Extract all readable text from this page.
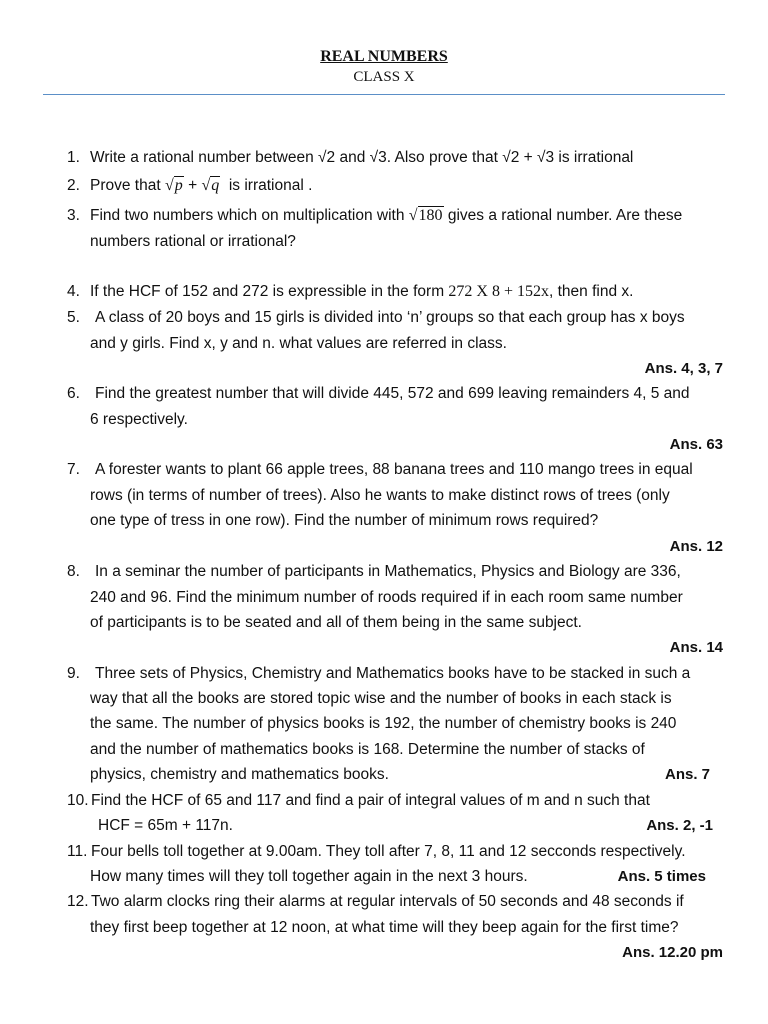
REAL NUMBERS
CLASS X
1. Write a rational number between √2 and √3. Also prove that √2 + √3 is irrational
2. Prove that √p + √q is irrational .
3. Find two numbers which on multiplication with √180 gives a rational number. Are these
numbers rational or irrational?
4. If the HCF of 152 and 272 is expressible in the form 272 X 8 + 152x, then find x.
5. A class of 20 boys and 15 girls is divided into ‘n’ groups so that each group has x boys
and y girls. Find x, y and n. what values are referred in class.
Ans. 4, 3, 7
6. Find the greatest number that will divide 445, 572 and 699 leaving remainders 4, 5 and
6 respectively.
Ans. 63
7. A forester wants to plant 66 apple trees, 88 banana trees and 110 mango trees in equal
rows (in terms of number of trees). Also he wants to make distinct rows of trees (only
one type of tress in one row). Find the number of minimum rows required?
Ans. 12
8. In a seminar the number of participants in Mathematics, Physics and Biology are 336,
240 and 96. Find the minimum number of roods required if in each room same number
of participants is to be seated and all of them being in the same subject.
Ans. 14
9. Three sets of Physics, Chemistry and Mathematics books have to be stacked in such a
way that all the books are stored topic wise and the number of books in each stack is
the same. The number of physics books is 192, the number of chemistry books is 240
and the number of mathematics books is 168. Determine the number of stacks of
physics, chemistry and mathematics books.	Ans. 7
10. Find the HCF of 65 and 117 and find a pair of integral values of m and n such that
HCF = 65m + 117n.	Ans. 2, -1
11. Four bells toll together at 9.00am. They toll after 7, 8, 11 and 12 secconds respectively.
How many times will they toll together again in the next 3 hours.	Ans. 5 times
12. Two alarm clocks ring their alarms at regular intervals of 50 seconds and 48 seconds if
they first beep together at 12 noon, at what time will they beep again for the first time?
Ans. 12.20 pm
